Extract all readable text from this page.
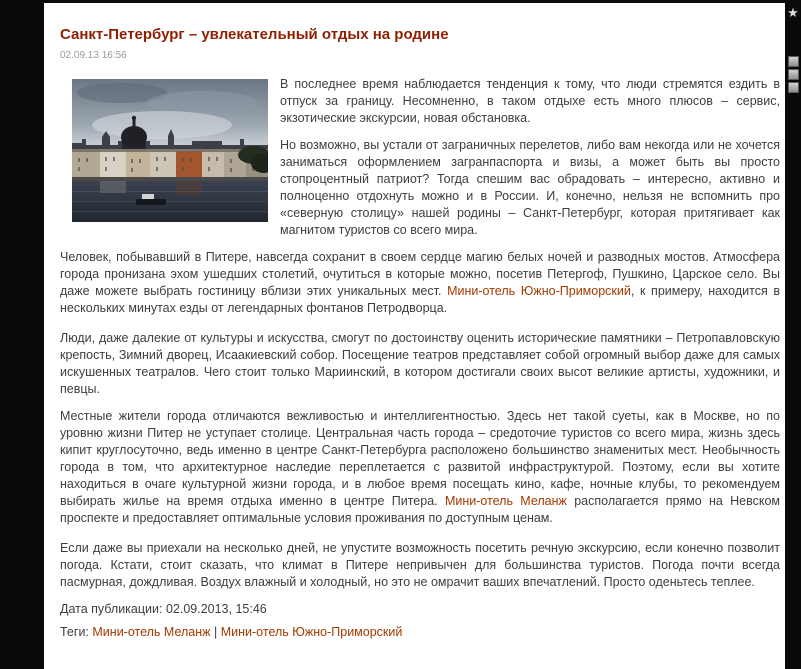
Санкт-Петербург – увлекательный отдых на родине
02.09.13 16:56

В последнее время наблюдается тенденция к тому, что люди стремятся ездить в отпуск за границу. Несомненно, в таком отдыхе есть много плюсов – сервис, экзотические экскурсии, новая обстановка.

Но возможно, вы устали от заграничных перелетов, либо вам некогда или не хочется заниматься оформлением загранпаспорта и визы, а может быть вы просто стопроцентный патриот? Тогда спешим вас обрадовать – интересно, активно и полноценно отдохнуть можно и в России. И, конечно, нельзя не вспомнить про «северную столицу» нашей родины – Санкт-Петербург, которая притягивает как магнитом туристов со всего мира.

Человек, побывавший в Питере, навсегда сохранит в своем сердце магию белых ночей и разводных мостов. Атмосфера города пронизана эхом ушедших столетий, очутиться в которые можно, посетив Петергоф, Пушкино, Царское село. Вы даже можете выбрать гостиницу вблизи этих уникальных мест. Мини-отель Южно-Приморский, к примеру, находится в нескольких минутах езды от легендарных фонтанов Петродворца.

Люди, даже далекие от культуры и искусства, смогут по достоинству оценить исторические памятники – Петропавловскую крепость, Зимний дворец, Исаакиевский собор. Посещение театров представляет собой огромный выбор даже для самых искушенных театралов. Чего стоит только Мариинский, в котором достигали своих высот великие артисты, художники, и певцы.

Местные жители города отличаются вежливостью и интеллигентностью. Здесь нет такой суеты, как в Москве, но по уровню жизни Питер не уступает столице. Центральная часть города – средоточие туристов со всего мира, жизнь здесь кипит круглосуточно, ведь именно в центре Санкт-Петербурга расположено большинство знаменитых мест. Необычность города в том, что архитектурное наследие переплетается с развитой инфраструктурой. Поэтому, если вы хотите находиться в очаге культурной жизни города, и в любое время посещать кино, кафе, ночные клубы, то рекомендуем выбирать жилье на время отдыха именно в центре Питера. Мини-отель Меланж располагается прямо на Невском проспекте и предоставляет оптимальные условия проживания по доступным ценам.

Если даже вы приехали на несколько дней, не упустите возможность посетить речную экскурсию, если конечно позволит погода. Кстати, стоит сказать, что климат в Питере непривычен для большинства туристов. Погода почти всегда пасмурная, дождливая. Воздух влажный и холодный, но это не омрачит ваших впечатлений. Просто оденьтесь теплее.

Дата публикации: 02.09.2013, 15:46
Теги: Мини-отель Меланж | Мини-отель Южно-Приморский
★
